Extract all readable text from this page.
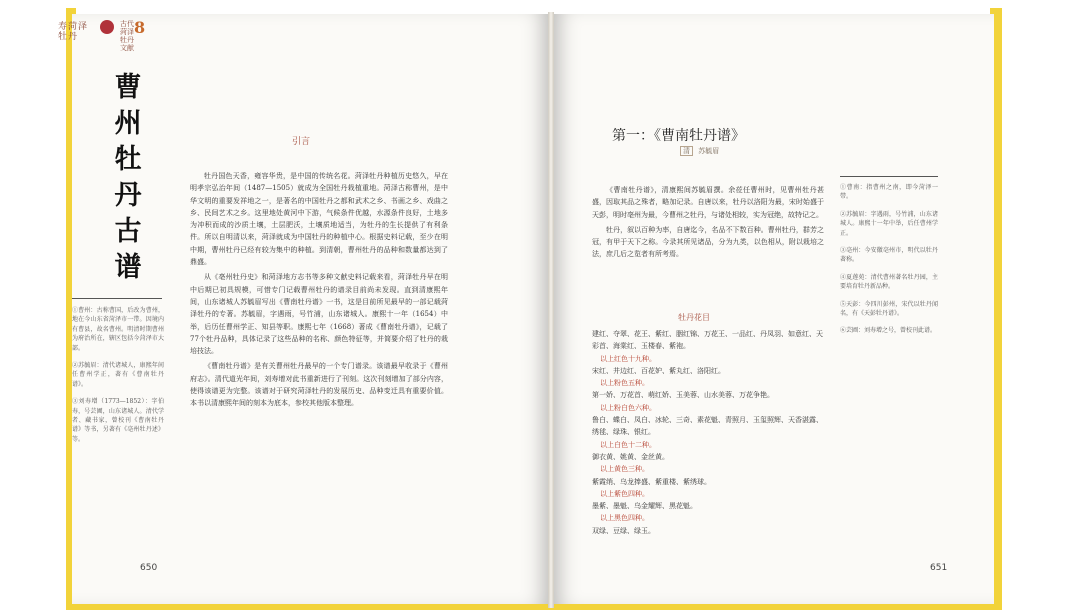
寿菏泽 牡丹
古代 菏泽牡丹文献
8
曹州牡丹古谱
引言

牡丹国色天香，雍容华贵，是中国的传统名花。菏泽牡丹种植历史悠久，早在明孝宗弘治年间（1487—1505）就成为全国牡丹栽植重地。菏泽古称曹州，是中华文明的重要发祥地之一，是著名的中国牡丹之都和武术之乡、书画之乡、戏曲之乡、民间艺术之乡。这里地处黄河中下游，气候条件优越，水源条件良好，土地多为冲积而成的沙质土壤，土层肥沃，土壤质地适当，为牡丹的生长提供了有利条件。所以自明清以来，菏泽就成为中国牡丹的种植中心。根据史料记载，至少在明中期，曹州牡丹已经有较为集中的种植。到清朝，曹州牡丹的品种和数量都达到了鼎盛。

从《亳州牡丹史》和菏泽地方志书等多种文献史料记载来看，菏泽牡丹早在明中后期已初具规模，可惜专门记载曹州牡丹的谱录目前尚未发现。直到清康熙年间，山东诸城人苏毓眉写出《曹南牡丹谱》一书，这是目前所见最早的一部记载菏泽牡丹的专著。苏毓眉，字遇雨，号竹浦，山东诸城人。康熙十一年（1654）中举，后历任曹州学正、知县等职。康熙七年（1668）著成《曹南牡丹谱》，记载了77个牡丹品种，具体记录了这些品种的名称、颜色特征等，并简要介绍了牡丹的栽培技法。

《曹南牡丹谱》是有关曹州牡丹最早的一个专门谱录。该谱最早收录于《曹州府志》。清代道光年间，刘寿增对此书重新进行了刊刻。这次刊刻增加了部分内容，使得该谱更为完整。该谱对于研究菏泽牡丹的发展历史、品种变迁具有重要价值。本书以清康熙年间的刻本为底本，参校其他版本整理。

①曹州：古称曹国，后改为曹州，地在今山东省菏泽市一带。因境内有曹县，故名曹州。明清时期曹州为府治所在，辖区包括今菏泽市大部。

②苏毓眉：清代诸城人，康熙年间任曹州学正，著有《曹南牡丹谱》。

③刘寿增（1773—1852）：字伯寿，号芸圃，山东诸城人。清代学者、藏书家，曾校刊《曹南牡丹谱》等书，另著有《亳州牡丹述》等。

650
第一：《曹南牡丹谱》
清 苏毓眉

《曹南牡丹谱》，清康熙间苏毓眉撰。余莅任曹州时，见曹州牡丹甚盛，因取其品之殊者，略加记录。自唐以来，牡丹以洛阳为最，宋时始盛于天彭，明时亳州为最，今曹州之牡丹，与诸处相较，实为冠绝，故特记之。

牡丹，叙以百种为率，自唐迄今，名品不下数百种。曹州牡丹，群芳之冠，有甲于天下之称。今录其所见诸品，分为九类，以色相从，附以栽培之法，庶几后之览者有所考焉。

牡丹花目

建红、夺翠、花王、紫红、胭红锦、万花王、一品红、丹凤羽、如意红、天彩首、海棠红、玉楼春、紫袍。

以上红色十九种。

宋红、井边红、百花妒、紫丸红、洛阳红。

以上粉色五种。

第一娇、万花首、萌红娇、玉美蓉、山水美蓉、万花争艳。

以上粉白色六种。

鲁白、蝶白、凤白、冰轮、三奇、素花魁、青照月、玉玺照辉、天香湛露、绣毬、绿珠、银红。

以上白色十二种。

御衣黄、姚黄、金丝黄。

以上黄色三种。

紫霞绡、乌龙捧盛、紫重楼、紫绣球。

以上紫色四种。

墨紫、墨魁、乌金耀辉、黑花魁。

以上黑色四种。

双绿、豆绿、绿玉。

①曹南：指曹州之南，即今菏泽一带。

②苏毓眉：字遇雨，号竹浦，山东诸城人。康熙十一年中举，后任曹州学正。

③亳州：今安徽亳州市，明代以牡丹著称。

④夏莲苑：清代曹州著名牡丹园，主要培育牡丹新品种。

⑤天彭：今四川彭州，宋代以牡丹闻名，有《天彭牡丹谱》。

⑥芸圃：刘寿增之号，曾校刊此谱。

651
